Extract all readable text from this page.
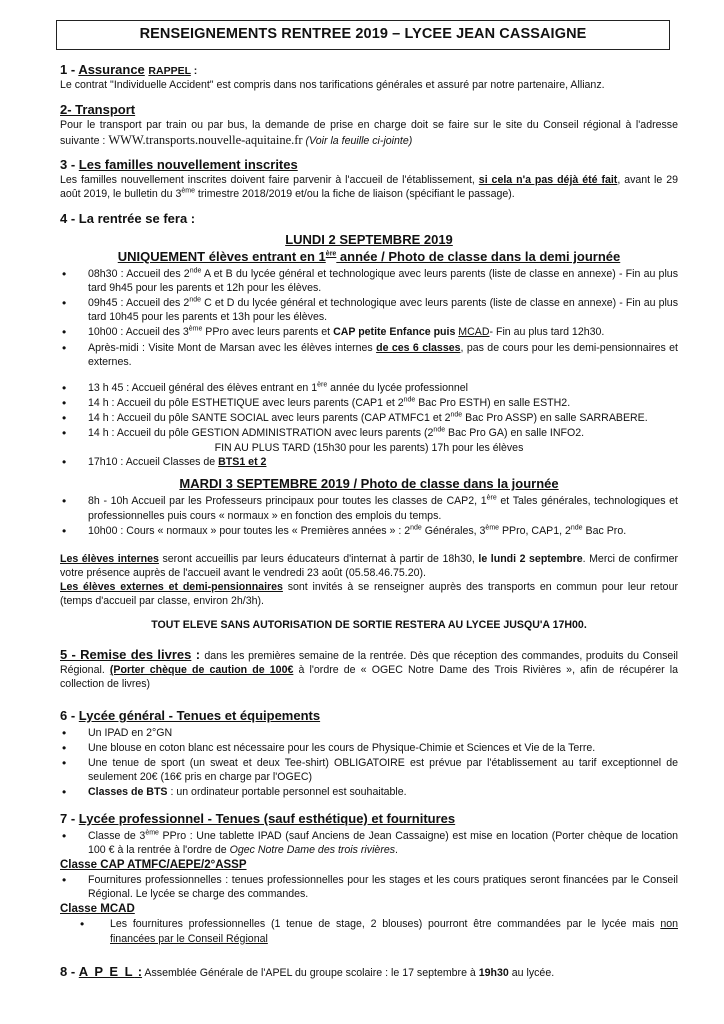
RENSEIGNEMENTS RENTREE 2019 – LYCEE JEAN CASSAIGNE
1 - Assurance RAPPEL :
Le contrat "Individuelle Accident" est compris dans nos tarifications générales et assuré par notre partenaire, Allianz.
2- Transport
Pour le transport par train ou par bus, la demande de prise en charge doit se faire sur le site du Conseil régional à l'adresse suivante : WWW.transports.nouvelle-aquitaine.fr (Voir la feuille ci-jointe)
3 - Les familles nouvellement inscrites
Les familles nouvellement inscrites doivent faire parvenir à l'accueil de l'établissement, si cela n'a pas déjà été fait, avant le 29 août 2019, le bulletin du 3ème trimestre 2018/2019 et/ou la fiche de liaison (spécifiant le passage).
4 - La rentrée se fera :
LUNDI 2 SEPTEMBRE 2019
UNIQUEMENT élèves entrant en 1ère année / Photo de classe dans la demi journée
• 08h30 : Accueil des 2nde A et B du lycée général et technologique avec leurs parents (liste de classe en annexe) - Fin au plus tard 9h45 pour les parents et 12h pour les élèves.
• 09h45 : Accueil des 2nde C et D du lycée général et technologique avec leurs parents (liste de classe en annexe) - Fin au plus tard 10h45 pour les parents et 13h pour les élèves.
• 10h00 : Accueil des 3ème PPro avec leurs parents et CAP petite Enfance puis MCAD- Fin au plus tard 12h30.
• Après-midi : Visite Mont de Marsan avec les élèves internes de ces 6 classes, pas de cours pour les demi-pensionnaires et externes.
• 13 h 45 : Accueil général des élèves entrant en 1ère année du lycée professionnel
• 14 h : Accueil du pôle ESTHETIQUE avec leurs parents (CAP1 et 2nde Bac Pro ESTH) en salle ESTH2.
• 14 h : Accueil du pôle SANTE SOCIAL avec leurs parents (CAP ATMFC1 et 2nde Bac Pro ASSP) en salle SARRABERE.
• 14 h : Accueil du pôle GESTION ADMINISTRATION avec leurs parents (2nde Bac Pro GA) en salle INFO2.
FIN AU PLUS TARD (15h30 pour les parents) 17h pour les élèves
• 17h10 : Accueil Classes de BTS1 et 2
MARDI 3 SEPTEMBRE 2019 / Photo de classe dans la journée
• 8h - 10h Accueil par les Professeurs principaux pour toutes les classes de CAP2, 1ère et Tales générales, technologiques et professionnelles puis cours « normaux » en fonction des emplois du temps.
• 10h00 : Cours « normaux » pour toutes les « Premières années » : 2nde Générales, 3ème PPro, CAP1, 2nde Bac Pro.
Les élèves internes seront accueillis par leurs éducateurs d'internat à partir de 18h30, le lundi 2 septembre. Merci de confirmer votre présence auprès de l'accueil avant le vendredi 23 août (05.58.46.75.20).
Les élèves externes et demi-pensionnaires sont invités à se renseigner auprès des transports en commun pour leur retour (temps d'accueil par classe, environ 2h/3h).
TOUT ELEVE SANS AUTORISATION DE SORTIE RESTERA AU LYCEE JUSQU'A 17H00.
5 - Remise des livres : dans les premières semaine de la rentrée. Dès que réception des commandes, produits du Conseil Régional. (Porter chèque de caution de 100€ à l'ordre de « OGEC Notre Dame des Trois Rivières », afin de récupérer la collection de livres)
6 - Lycée général - Tenues et équipements
• Un IPAD en 2°GN
• Une blouse en coton blanc est nécessaire pour les cours de Physique-Chimie et Sciences et Vie de la Terre.
• Une tenue de sport (un sweat et deux Tee-shirt) OBLIGATOIRE est prévue par l'établissement au tarif exceptionnel de seulement 20€ (16€ pris en charge par l'OGEC)
• Classes de BTS : un ordinateur portable personnel est souhaitable.
7 - Lycée professionnel - Tenues (sauf esthétique) et fournitures
• Classe de 3ème PPro : Une tablette IPAD (sauf Anciens de Jean Cassaigne) est mise en location (Porter chèque de location 100 € à la rentrée à l'ordre de Ogec Notre Dame des trois rivières.
Classe CAP ATMFC/AEPE/2°ASSP
• Fournitures professionnelles : tenues professionnelles pour les stages et les cours pratiques seront financées par le Conseil Régional. Le lycée se charge des commandes.
Classe MCAD
• Les fournitures professionnelles (1 tenue de stage, 2 blouses) pourront être commandées par le lycée mais non financées par le Conseil Régional
8 - A P E L : Assemblée Générale de l'APEL du groupe scolaire : le 17 septembre à 19h30 au lycée.
